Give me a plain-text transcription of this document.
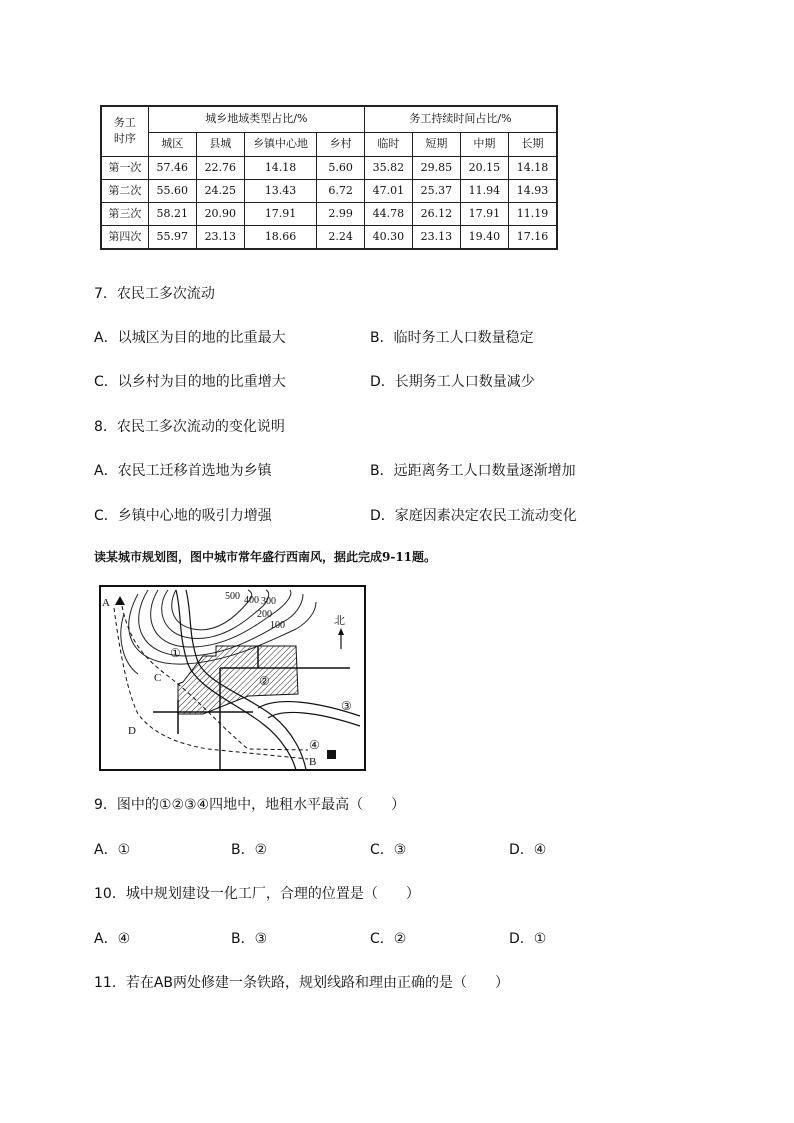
务工
时序	城乡地域类型占比/%				务工持续时间占比/%			
	城区	县城	乡镇中心地	乡村	临时	短期	中期	长期
第一次	57.46	22.76	14.18	5.60	35.82	29.85	20.15	14.18
第二次	55.60	24.25	13.43	6.72	47.01	25.37	11.94	14.93
第三次	58.21	20.90	17.91	2.99	44.78	26.12	17.91	11.19
第四次	55.97	23.13	18.66	2.24	40.30	23.13	19.40	17.16
7．农民工多次流动
A．以城区为目的地的比重最大	B．临时务工人口数量稳定
C．以乡村为目的地的比重增大	D．长期务工人口数量减少
8．农民工多次流动的变化说明
A．农民工迁移首选地为乡镇	B．远距离务工人口数量逐渐增加
C．乡镇中心地的吸引力增强	D．家庭因素决定农民工流动变化
读某城市规划图，图中城市常年盛行西南风，据此完成9-11题。
A
B
C
D
①
②
③
④
500 400 300
200
100	北
9．图中的①②③④四地中，地租水平最高（　　）
A．①	B．②	C．③	D．④
10．城中规划建设一化工厂，合理的位置是（　　）
A．④	B．③	C．②	D．①
11．若在AB两处修建一条铁路，规划线路和理由正确的是（　　）
